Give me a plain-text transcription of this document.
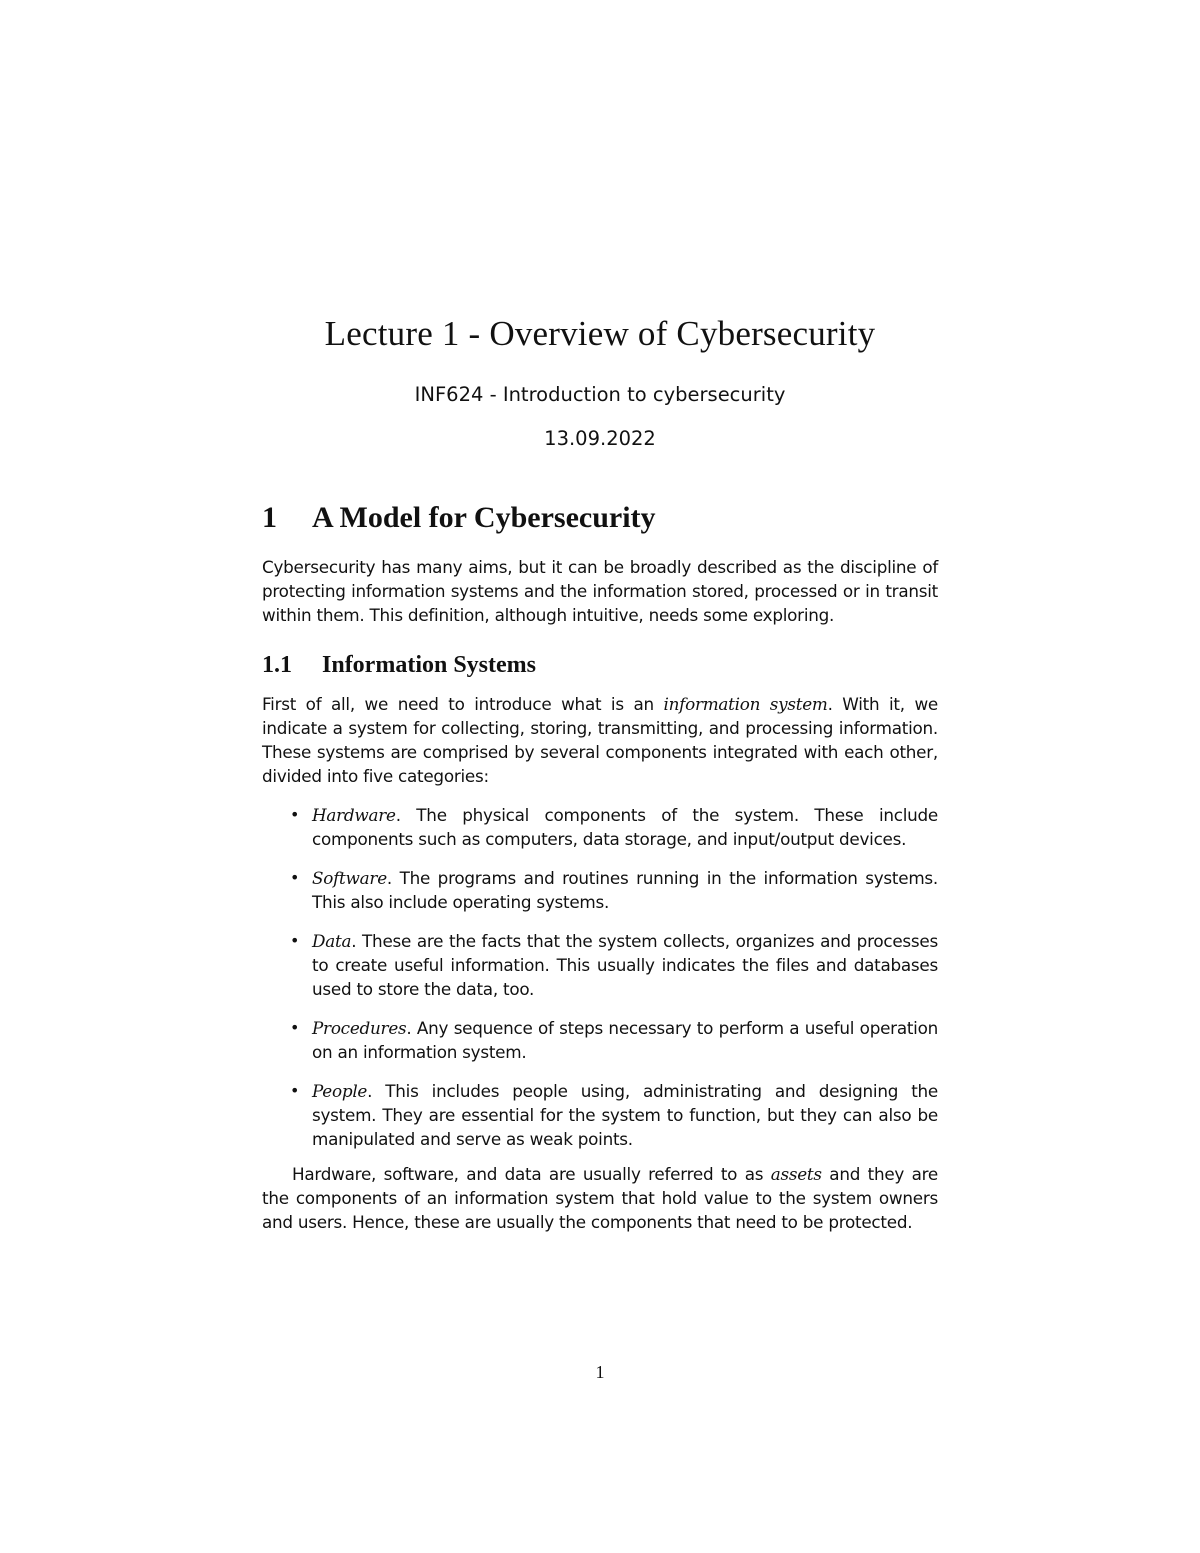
Lecture 1 - Overview of Cybersecurity

INF624 - Introduction to cybersecurity

13.09.2022

1 A Model for Cybersecurity

Cybersecurity has many aims, but it can be broadly described as the discipline of protecting information systems and the information stored, processed or in transit within them. This definition, although intuitive, needs some exploring.

1.1 Information Systems

First of all, we need to introduce what is an information system. With it, we indicate a system for collecting, storing, transmitting, and processing information. These systems are comprised by several components integrated with each other, divided into five categories:

• Hardware. The physical components of the system. These include components such as computers, data storage, and input/output devices.
• Software. The programs and routines running in the information systems. This also include operating systems.
• Data. These are the facts that the system collects, organizes and processes to create useful information. This usually indicates the files and databases used to store the data, too.
• Procedures. Any sequence of steps necessary to perform a useful operation on an information system.
• People. This includes people using, administrating and designing the system. They are essential for the system to function, but they can also be manipulated and serve as weak points.

Hardware, software, and data are usually referred to as assets and they are the components of an information system that hold value to the system owners and users. Hence, these are usually the components that need to be protected.

1
